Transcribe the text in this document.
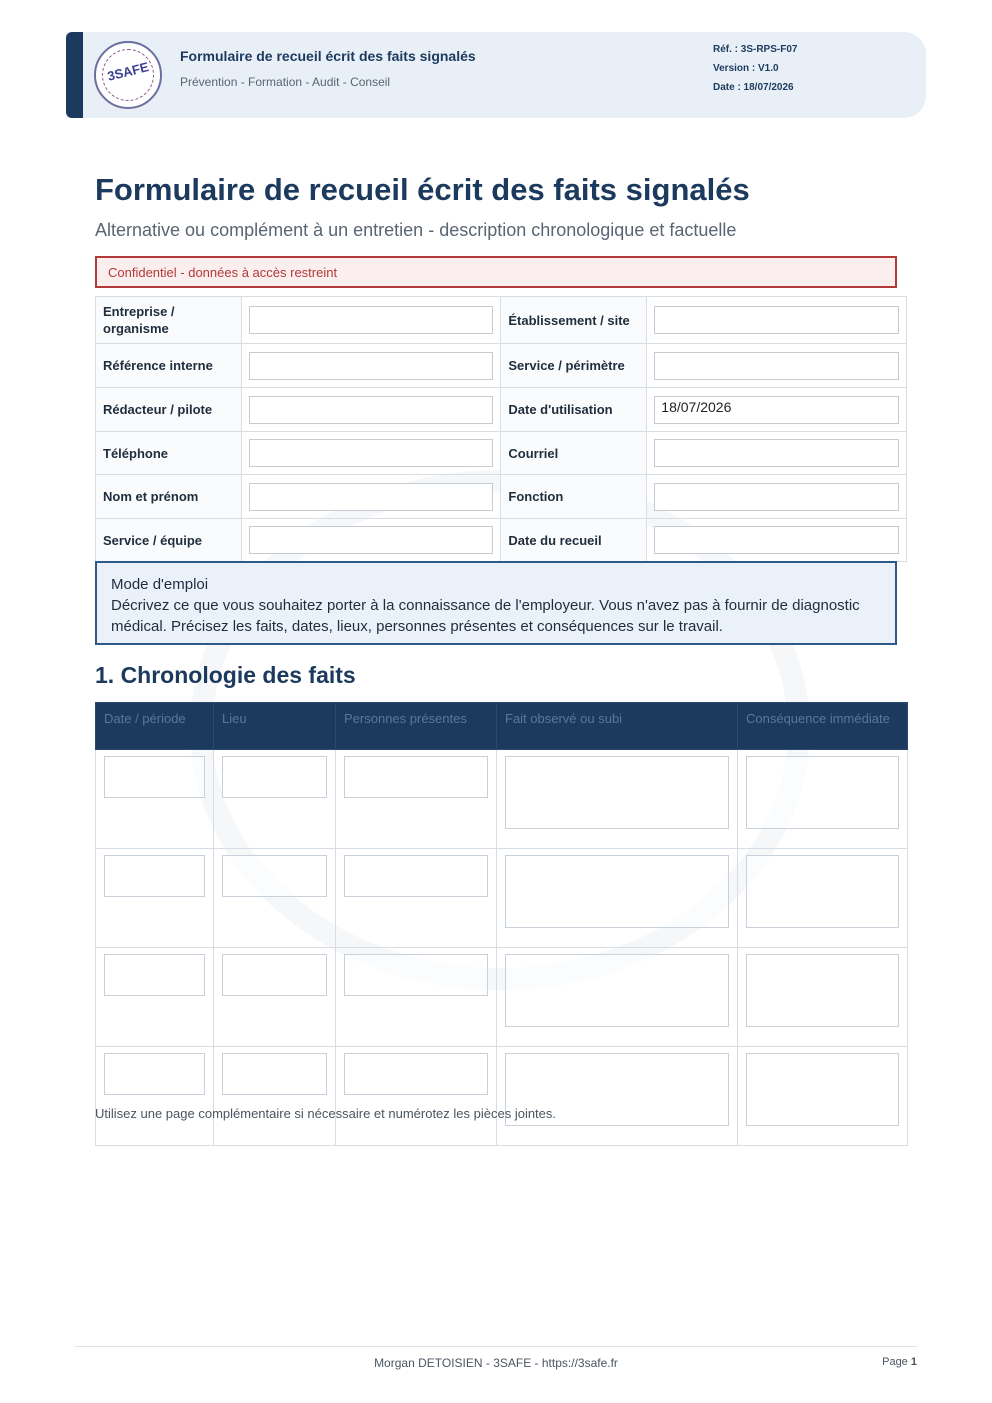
3SAFE
Formulaire de recueil écrit des faits signalés
Prévention - Formation - Audit - Conseil
Réf. : 3S-RPS-F07
Version : V1.0
Date : 18/07/2026
Formulaire de recueil écrit des faits signalés
Alternative ou complément à un entretien - description chronologique et factuelle
Confidentiel - données à accès restreint
Entreprise / organisme		Établissement / site	

Référence interne		Service / périmètre	

Rédacteur / pilote		Date d'utilisation	18/07/2026

Téléphone		Courriel	

Nom et prénom		Fonction	

Service / équipe		Date du recueil	
Mode d'emploi
Décrivez ce que vous souhaitez porter à la connaissance de l'employeur. Vous n'avez pas à fournir de diagnostic médical. Précisez les faits, dates, lieux, personnes présentes et conséquences sur le travail.
1. Chronologie des faits
Date / période	Lieu	Personnes présentes	Fait observé ou subi	Conséquence immédiate

Utilisez une page complémentaire si nécessaire et numérotez les pièces jointes.
Morgan DETOISIEN - 3SAFE - https://3safe.fr	Page 1
